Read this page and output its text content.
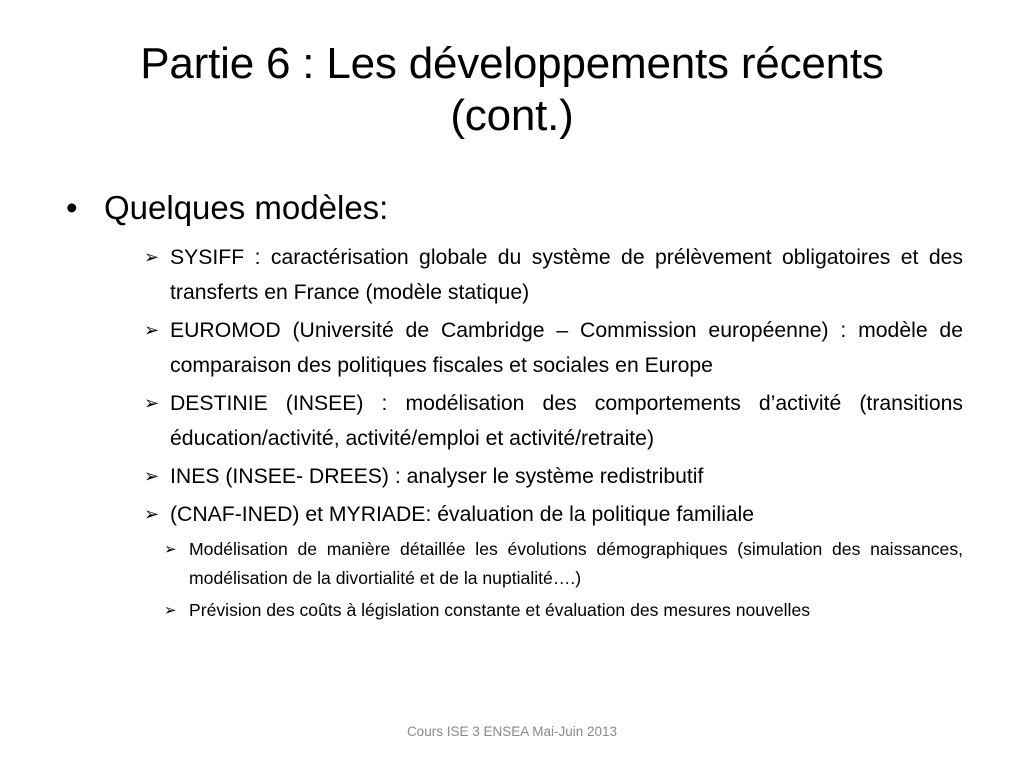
Partie 6 : Les développements récents
(cont.)
• Quelques modèles:
➢ SYSIFF : caractérisation globale du système de prélèvement obligatoires et des transferts en France (modèle statique)
➢ EUROMOD (Université de Cambridge – Commission européenne) : modèle de comparaison des politiques fiscales et sociales en Europe
➢ DESTINIE (INSEE) : modélisation des comportements d’activité (transitions éducation/activité, activité/emploi et activité/retraite)
➢ INES (INSEE- DREES) : analyser le système redistributif
➢ (CNAF-INED) et MYRIADE: évaluation de la politique familiale
➢ Modélisation de manière détaillée les évolutions démographiques (simulation des naissances, modélisation de la divortialité et de la nuptialité….)
➢ Prévision des coûts à législation constante et évaluation des mesures nouvelles
Cours ISE 3 ENSEA Mai-Juin 2013
